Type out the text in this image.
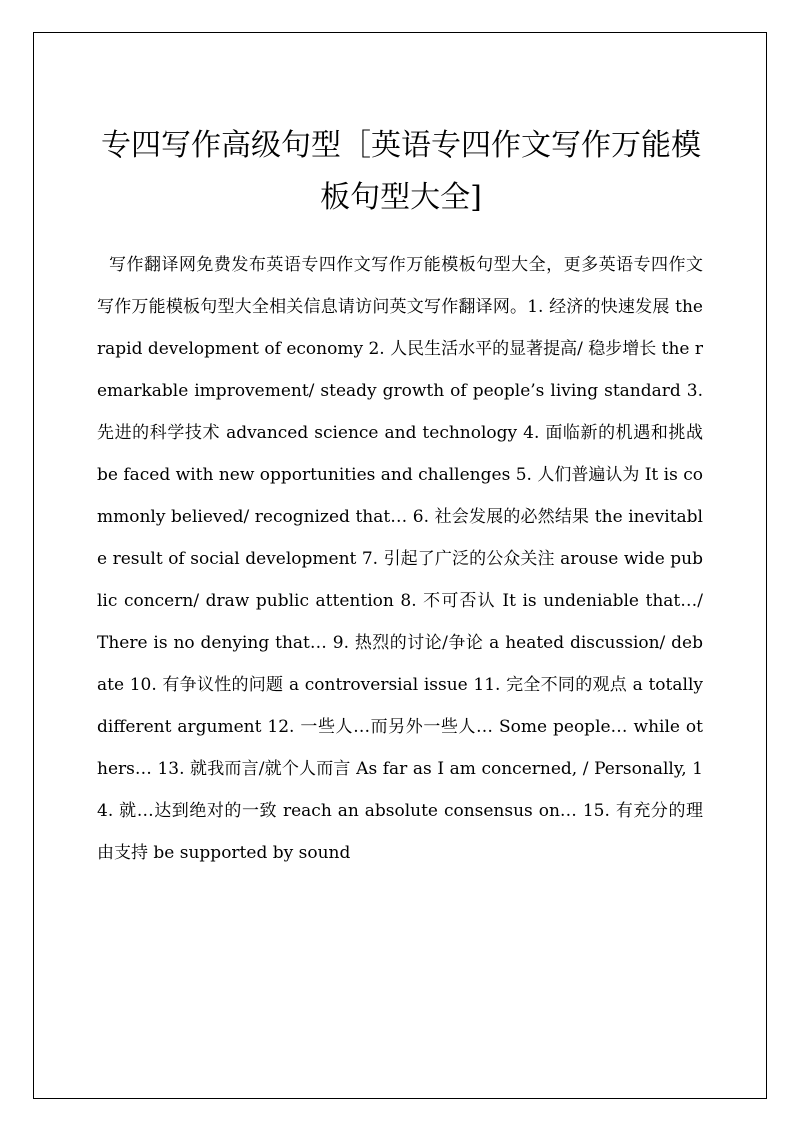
专四写作高级句型［英语专四作文写作万能模板句型大全]

写作翻译网免费发布英语专四作文写作万能模板句型大全，更多英语专四作文写作万能模板句型大全相关信息请访问英文写作翻译网。1. 经济的快速发展 the rapid development of economy 2. 人民生活水平的显著提高/ 稳步增长 the remarkable improvement/ steady growth of people’s living standard 3. 先进的科学技术 advanced science and technology 4. 面临新的机遇和挑战 be faced with new opportunities and challenges 5. 人们普遍认为 It is commonly believed/ recognized that… 6. 社会发展的必然结果 the inevitable result of social development 7. 引起了广泛的公众关注 arouse wide public concern/ draw public attention 8. 不可否认 It is undeniable that…/ There is no denying that… 9. 热烈的讨论/争论 a heated discussion/ debate 10. 有争议性的问题 a controversial issue 11. 完全不同的观点 a totally different argument 12. 一些人…而另外一些人… Some people… while others… 13. 就我而言/就个人而言 As far as I am concerned, / Personally, 14. 就…达到绝对的一致 reach an absolute consensus on… 15. 有充分的理由支持 be supported by sound
